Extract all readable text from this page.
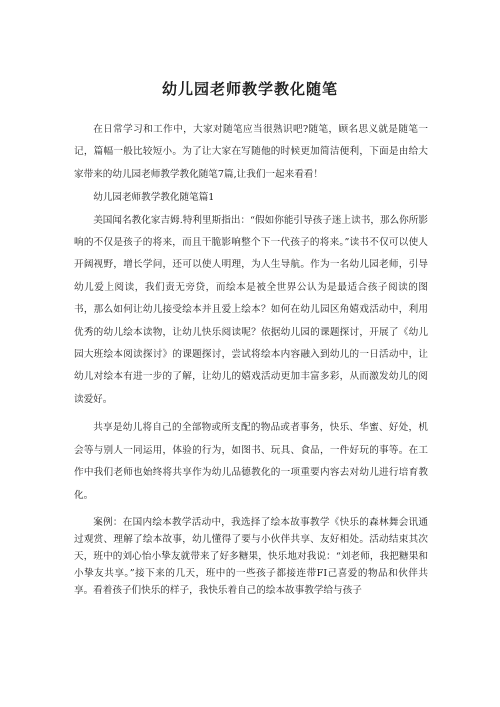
幼儿园老师教学教化随笔

在日常学习和工作中，大家对随笔应当很熟识吧?随笔，顾名思义就是随笔一记，篇幅一般比较短小。为了让大家在写随他的时候更加简洁便利，下面是由给大家带来的幼儿园老师教学教化随笔7篇,让我们一起来看看！

幼儿园老师教学教化随笔篇1

美国闻名教化家吉姆.特利里斯指出：“假如你能引导孩子迷上读书，那么你所影响的不仅是孩子的将来，而且干脆影响整个下一代孩子的将来。”读书不仅可以使人开阔视野，增长学问，还可以使人明理，为人生导航。作为一名幼儿园老师，引导幼儿爱上阅读，我们责无旁贷，而绘本是被全世界公认为是最适合孩子阅读的图书，那么如何让幼儿接受绘本并且爱上绘本？如何在幼儿园区角嬉戏活动中，利用优秀的幼儿绘本读物，让幼儿快乐阅读呢？依据幼儿园的课题探讨，开展了《幼儿园大班绘本阅读探讨》的课题探讨，尝试将绘本内容融入到幼儿的一日活动中，让幼儿对绘本有进一步的了解，让幼儿的嬉戏活动更加丰富多彩，从而激发幼儿的阅读爱好。

共享是幼儿将自己的全部物或所支配的物品或者事务，快乐、华蜜、好处，机会等与别人一同运用，体验的行为，如图书、玩具、食品，一件好玩的事等。在工作中我们老师也始终将共享作为幼儿品德教化的一项重要内容去对幼儿进行培育教化。

案例：在国内绘本教学活动中，我选择了绘本故事教学《快乐的森林舞会讯通过观赏、理解了绘本故事，幼儿懂得了要与小伙伴共享、友好相处。活动结束其次天，班中的刘心怡小挚友就带来了好多糖果，快乐地对我说：“刘老师，我把糖果和小挚友共享。”接下来的几天，班中的一些孩子都接连带FI己喜爱的物品和伙伴共享。看着孩子们快乐的样子，我快乐着自己的绘本故事教学给与孩子
